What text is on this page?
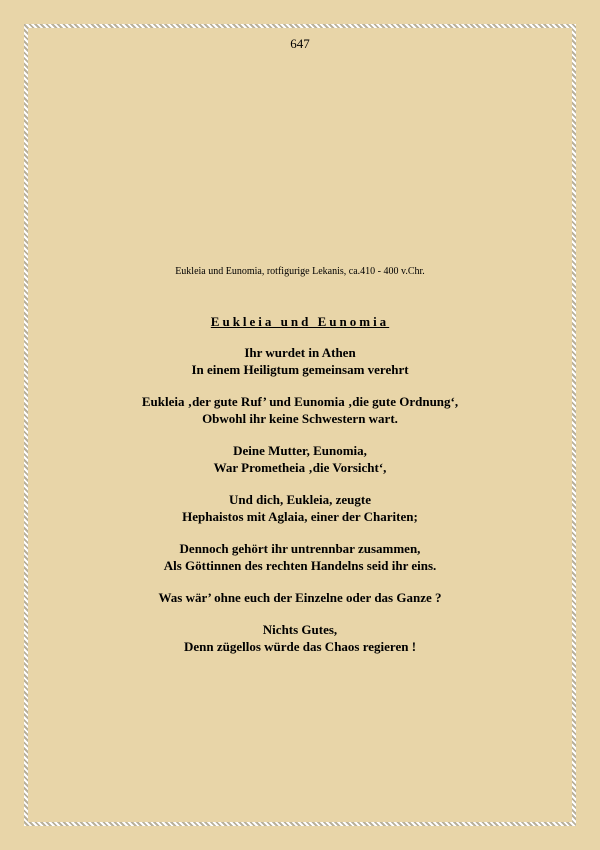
647
Eukleia und Eunomia, rotfigurige Lekanis, ca.410 - 400 v.Chr.
Eukleia und Eunomia
Ihr wurdet in Athen
In einem Heiligtum gemeinsam verehrt
Eukleia ‚der gute Ruf’ und Eunomia ‚die gute Ordnung‘,
Obwohl ihr keine Schwestern wart.
Deine Mutter, Eunomia,
War Prometheia ‚die Vorsicht‘,
Und dich, Eukleia, zeugte
Hephaistos mit Aglaia, einer der Chariten;
Dennoch gehört ihr untrennbar zusammen,
Als Göttinnen des rechten Handelns seid ihr eins.
Was wär’ ohne euch der Einzelne oder das Ganze ?
Nichts Gutes,
Denn zügellos würde das Chaos regieren !
